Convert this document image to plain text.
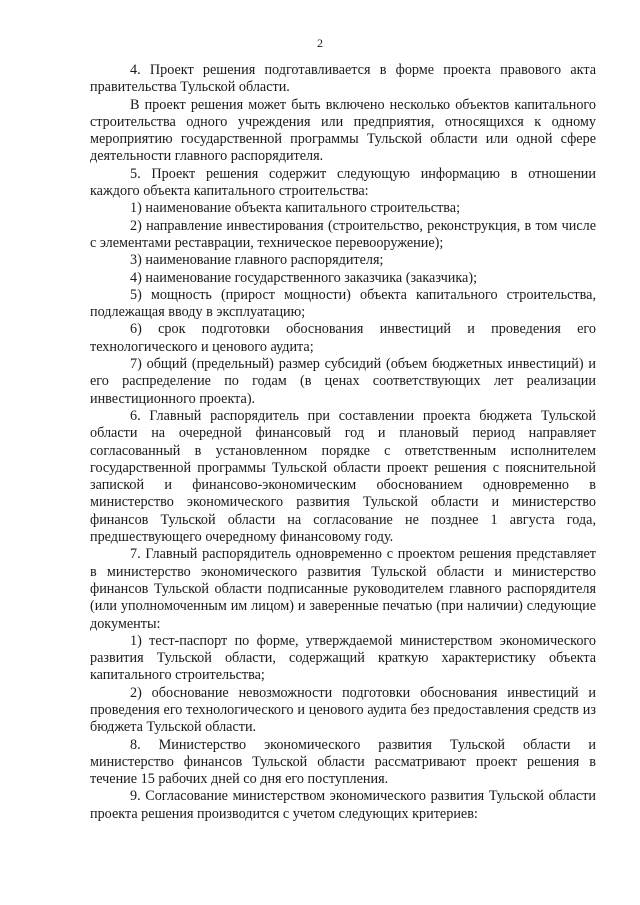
2

4. Проект решения подготавливается в форме проекта правового акта правительства Тульской области.

В проект решения может быть включено несколько объектов капитального строительства одного учреждения или предприятия, относящихся к одному мероприятию государственной программы Тульской области или одной сфере деятельности главного распорядителя.

5. Проект решения содержит следующую информацию в отношении каждого объекта капитального строительства:

1) наименование объекта капитального строительства;

2) направление инвестирования (строительство, реконструкция, в том числе с элементами реставрации, техническое перевооружение);

3) наименование главного распорядителя;

4) наименование государственного заказчика (заказчика);

5) мощность (прирост мощности) объекта капитального строительства, подлежащая вводу в эксплуатацию;

6) срок подготовки обоснования инвестиций и проведения его технологического и ценового аудита;

7) общий (предельный) размер субсидий (объем бюджетных инвестиций) и его распределение по годам (в ценах соответствующих лет реализации инвестиционного проекта).

6. Главный распорядитель при составлении проекта бюджета Тульской области на очередной финансовый год и плановый период направляет согласованный в установленном порядке с ответственным исполнителем государственной программы Тульской области проект решения с пояснительной запиской и финансово-экономическим обоснованием одновременно в министерство экономического развития Тульской области и министерство финансов Тульской области на согласование не позднее 1 августа года, предшествующего очередному финансовому году.

7. Главный распорядитель одновременно с проектом решения представляет в министерство экономического развития Тульской области и министерство финансов Тульской области подписанные руководителем главного распорядителя (или уполномоченным им лицом) и заверенные печатью (при наличии) следующие документы:

1) тест-паспорт по форме, утверждаемой министерством экономического развития Тульской области, содержащий краткую характеристику объекта капитального строительства;

2) обоснование невозможности подготовки обоснования инвестиций и проведения его технологического и ценового аудита без предоставления средств из бюджета Тульской области.

8. Министерство экономического развития Тульской области и министерство финансов Тульской области рассматривают проект решения в течение 15 рабочих дней со дня его поступления.

9. Согласование министерством экономического развития Тульской области проекта решения производится с учетом следующих критериев:
